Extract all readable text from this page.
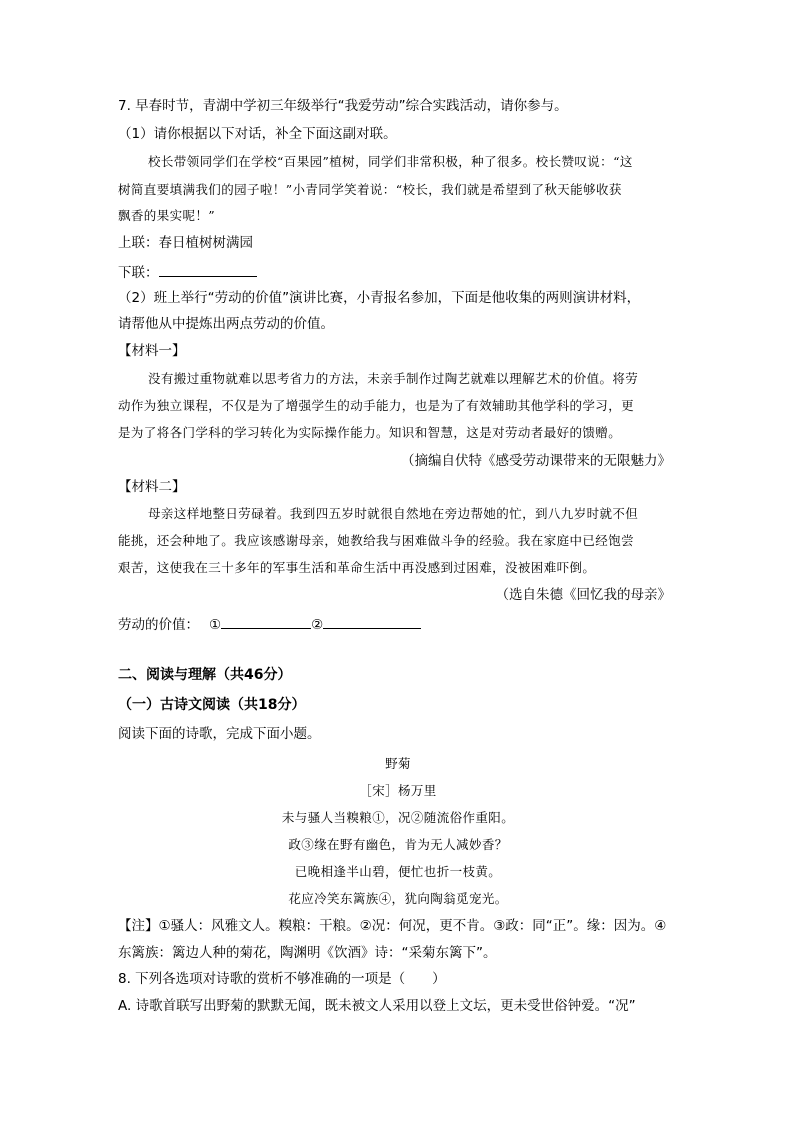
7. 早春时节，青湖中学初三年级举行“我爱劳动”综合实践活动，请你参与。
（1）请你根据以下对话，补全下面这副对联。
校长带领同学们在学校“百果园”植树，同学们非常积极，种了很多。校长赞叹说：“这
树简直要填满我们的园子啦！”小青同学笑着说：“校长，我们就是希望到了秋天能够收获
飘香的果实呢！”
上联：春日植树树满园
下联：
（2）班上举行“劳动的价值”演讲比赛，小青报名参加，下面是他收集的两则演讲材料，
请帮他从中提炼出两点劳动的价值。
【材料一】
没有搬过重物就难以思考省力的方法，未亲手制作过陶艺就难以理解艺术的价值。将劳
动作为独立课程，不仅是为了增强学生的动手能力，也是为了有效辅助其他学科的学习，更
是为了将各门学科的学习转化为实际操作能力。知识和智慧，这是对劳动者最好的馈赠。
（摘编自伏特《感受劳动课带来的无限魅力》
【材料二】
母亲这样地整日劳碌着。我到四五岁时就很自然地在旁边帮她的忙，到八九岁时就不但
能挑，还会种地了。我应该感谢母亲，她教给我与困难做斗争的经验。我在家庭中已经饱尝
艰苦，这使我在三十多年的军事生活和革命生活中再没感到过困难，没被困难吓倒。
（选自朱德《回忆我的母亲》
劳动的价值： ①	②
二、阅读与理解（共46分）
（一）古诗文阅读（共18分）
阅读下面的诗歌，完成下面小题。
野菊
［宋］杨万里
未与骚人当糗粮①，况②随流俗作重阳。
政③缘在野有幽色，肯为无人减妙香？
已晚相逢半山碧，便忙也折一枝黄。
花应冷笑东篱族④，犹向陶翁觅宠光。
【注】①骚人：风雅文人。糗粮：干粮。②况：何况，更不肯。③政：同“正”。缘：因为。④
东篱族：篱边人种的菊花，陶渊明《饮酒》诗：“采菊东篱下”。
8. 下列各选项对诗歌的赏析不够准确的一项是（　　）
A. 诗歌首联写出野菊的默默无闻，既未被文人采用以登上文坛，更未受世俗钟爱。“况”
